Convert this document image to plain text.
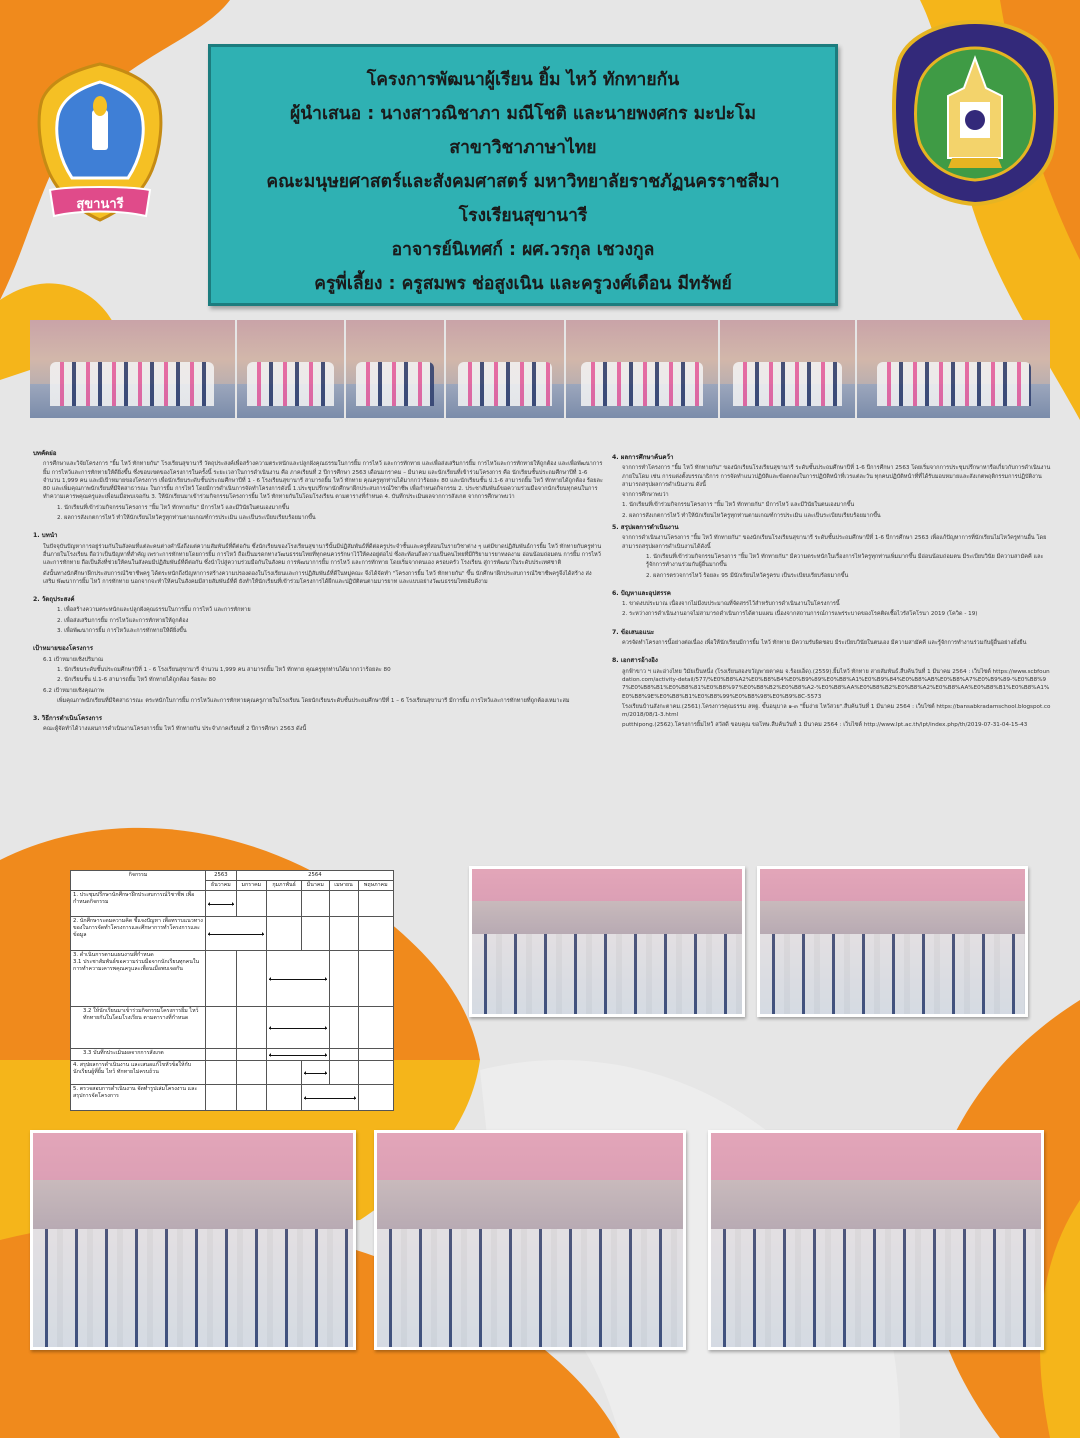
สุขานารี
โครงการพัฒนาผู้เรียน ยิ้ม ไหว้ ทักทายกัน
ผู้นำเสนอ : นางสาวณิชาภา มณีโชติ และนายพงศกร มะปะโม
สาขาวิชาภาษาไทย
คณะมนุษยศาสตร์และสังคมศาสตร์ มหาวิทยาลัยราชภัฏนครราชสีมา
โรงเรียนสุขานารี
อาจารย์นิเทศก์ : ผศ.วรกุล เชวงกูล
ครูพี่เลี้ยง : ครูสมพร ช่อสูงเนิน และครูวงศ์เดือน มีทรัพย์
บทคัดย่อ

การศึกษาและวิจัยโครงการ "ยิ้ม ไหว้ ทักทายกัน" โรงเรียนสุขานารี วัตถุประสงค์เพื่อสร้างความตระหนักและปลูกฝังคุณธรรมในการยิ้ม การไหว้ และการทักทาย และเพื่อส่งเสริมการยิ้ม การไหว้และการทักทายให้ถูกต้อง และเพื่อพัฒนาการยิ้ม การไหว้และการทักทายให้ดียิ่งขึ้น ซึ่งขอบเขตของโครงการในครั้งนี้ ระยะเวลาในการดำเนินงาน คือ ภาคเรียนที่ 2 ปีการศึกษา 2563 เดือนมกราคม – มีนาคม และนักเรียนที่เข้าร่วมโครงการ คือ นักเรียนชั้นประถมศึกษาปีที่ 1-6 จำนวน 1,999 คน และมีเป้าหมายของโครงการ เพื่อนักเรียนระดับชั้นประถมศึกษาปีที่ 1 - 6 โรงเรียนสุขานารี สามารถยิ้ม ไหว้ ทักทาย คุณครูทุกท่านได้มากกว่าร้อยละ 80 และนักเรียนชั้น ป.1-6 สามารถยิ้ม ไหว้ ทักทายได้ถูกต้อง ร้อยละ 80 และเพิ่มคุณภาพนักเรียนที่มีจิตสาธารณะ ในการยิ้ม การไหว้ โดยมีการดำเนินการจัดทำโครงการดังนี้ 1.ประชุมปรึกษานักศึกษาฝึกประสบการณ์วิชาชีพ เพื่อกำหนดกิจกรรม 2. ประชาสัมพันธ์ขอความร่วมมือจากนักเรียนทุกคนในการทำความเคารพคุณครูและเพื่อนเมื่อพบเจอกัน 3. ให้นักเรียนมาเข้าร่วมกิจกรรมโครงการยิ้ม ไหว้ ทักทายกันในโดมโรงเรียน ตามตารางที่กำหนด 4. บันทึกประเมินผลจากการสังเกต จากการศึกษาพบว่า

1. นักเรียนที่เข้าร่วมกิจกรรมโครงการ "ยิ้ม ไหว้ ทักทายกัน" มีการไหว้ และมีวินัยในตนเองมากขึ้น

2. ผลการสังเกตการไหว้ ทำให้นักเรียนไหว้ครูทุกท่านตามเกณฑ์การประเมิน และเป็นระเบียบเรียบร้อยมากขึ้น

1. บทนำ

ในปัจจุบันปัญหาการอยู่ร่วมกันในสังคมที่แต่ละคนต่างคำนึงถึงแต่ความสัมพันธ์ที่ดีต่อกัน ซึ่งนักเรียนของโรงเรียนสุขานารีนั้นมีปฏิสัมพันธ์ที่ดีต่อครูประจำชั้นและครูที่สอนในรายวิชาต่าง ๆ แต่มีขาดปฏิสัมพันธ์การยิ้ม ไหว้ ทักทายกับครูท่านอื่นภายในโรงเรียน ถือว่าเป็นปัญหาที่สำคัญ เพราะการทักทายโดยการยิ้ม การไหว้ ถือเป็นมรดกทางวัฒนธรรมไทยที่ทุกคนควรรักษาไว้ให้คงอยู่ต่อไป ซึ่งสะท้อนถึงความเป็นคนไทยที่มีกิริยามารยาทงดงาม อ่อนน้อมถ่อมตน การยิ้ม การไหว้ และการทักทาย ถือเป็นสิ่งที่ช่วยให้คนในสังคมมีปฏิสัมพันธ์ที่ดีต่อกัน ซึ่งนำไปสู่ความร่วมมือกันในสังคม การพัฒนาการยิ้ม การไหว้ และการทักทาย โดยเริ่มจากตนเอง ครอบครัว โรงเรียน สู่การพัฒนาในระดับประเทศชาติ

ดังนั้นทางนักศึกษาฝึกประสบการณ์วิชาชีพครู ได้ตระหนักถึงปัญหาการสร้างความปรองดองในโรงเรียนและการปฏิสัมพันธ์ที่ดีในหมู่คณะ จึงได้จัดทำ "โครงการยิ้ม ไหว้ ทักทายกัน" ขึ้น นักศึกษาฝึกประสบการณ์วิชาชีพครูจึงได้สร้าง ส่งเสริม พัฒนาการยิ้ม ไหว้ การทักทาย นอกจากจะทำให้คนในสังคมมีสายสัมพันธ์ที่ดี ยังทำให้นักเรียนที่เข้าร่วมโครงการได้ฝึกและปฏิบัติตนตามมารยาท และแบบอย่างวัฒนธรรมไทยอันดีงาม

2. วัตถุประสงค์

1. เพื่อสร้างความตระหนักและปลูกฝังคุณธรรมในการยิ้ม การไหว้ และการทักทาย

2. เพื่อส่งเสริมการยิ้ม การไหว้และการทักทายให้ถูกต้อง

3. เพื่อพัฒนาการยิ้ม การไหว้และการทักทายให้ดียิ่งขึ้น

เป้าหมายของโครงการ

6.1 เป้าหมายเชิงปริมาณ

1. นักเรียนระดับชั้นประถมศึกษาปีที่ 1 - 6 โรงเรียนสุขานารี จำนวน 1,999 คน สามารถยิ้ม ไหว้ ทักทาย คุณครูทุกท่านได้มากกว่าร้อยละ 80

2. นักเรียนชั้น ป.1-6 สามารถยิ้ม ไหว้ ทักทายได้ถูกต้อง ร้อยละ 80

6.2 เป้าหมายเชิงคุณภาพ

เพิ่มคุณภาพนักเรียนที่มีจิตสาธารณะ ตระหนักในการยิ้ม การไหว้และการทักทายคุณครูภายในโรงเรียน โดยนักเรียนระดับชั้นประถมศึกษาปีที่ 1 – 6 โรงเรียนสุขานารี มีการยิ้ม การไหว้และการทักทายที่ถูกต้องเหมาะสม

3. วิธีการดำเนินโครงการ

คณะผู้จัดทำได้วางแผนการดำเนินงานโครงการยิ้ม ไหว้ ทักทายกัน ประจำภาคเรียนที่ 2 ปีการศึกษา 2563 ดังนี้

กิจกรรม	2563	2564				
	ธันวาคม	มกราคม	กุมภาพันธ์	มีนาคม	เมษายน	พฤษภาคม
1. ประชุมปรึกษานักศึกษาฝึกประสบการณ์วิชาชีพ เพื่อกำหนดกิจกรรม	

2. นักศึกษาระดมความคิด ชี้แจงปัญหา เพื่อทราบแนวทางของในการจัดทำโครงการและศึกษาการทำโครงการและข้อมูล		

3. ดำเนินการตามแผนงานที่กำหนด
3.1 ประชาสัมพันธ์ขอความร่วมมือจากนักเรียนทุกคนในการทำความเคารพคุณครูและเพื่อนเมื่อพบเจอกัน				

3.2 ให้นักเรียนมาเข้าร่วมกิจกรรมโครงการยิ้ม ไหว้ ทักทายกันในโดมโรงเรียน ตามตารางที่กำหนด				

3.3 บันทึกประเมินผลจากการสังเกต				

4. สรุปผลการดำเนินงาน และเสนอแก้ไขหัวข้อให้กับนักเรียนผู้ที่ยิ้ม ไหว้ ทักทายไม่ครบถ้วน				

5. ตรวจสอบการดำเนินงาน จัดทำรูปเล่มโครงงาน และสรุปการจัดโครงการ					

4. ผลการศึกษาค้นคว้า

จากการทำโครงการ "ยิ้ม ไหว้ ทักทายกัน" ของนักเรียนโรงเรียนสุขานารี ระดับชั้นประถมศึกษาปีที่ 1-6 ปีการศึกษา 2563 โดยเริ่มจากการประชุมปรึกษาหารือเกี่ยวกับการดำเนินงานภายในโดม เช่น การแต่งตั้งบรรณาธิการ การจัดทำแนวปฏิบัติและข้อตกลงในการปฏิบัติหน้าที่เวรแต่ละวัน ทุกคนปฏิบัติหน้าที่ที่ได้รับมอบหมายและสังเกตพฤติกรรมการปฏิบัติงาน สามารถสรุปผลการดำเนินงาน ดังนี้

จากการศึกษาพบว่า

1. นักเรียนที่เข้าร่วมกิจกรรมโครงการ "ยิ้ม ไหว้ ทักทายกัน" มีการไหว้ และมีวินัยในตนเองมากขึ้น

2. ผลการสังเกตการไหว้ ทำให้นักเรียนไหว้ครูทุกท่านตามเกณฑ์การประเมิน และเป็นระเบียบเรียบร้อยมากขึ้น

5. สรุปผลการดำเนินงาน

จากการดำเนินงานโครงการ "ยิ้ม ไหว้ ทักทายกัน" ของนักเรียนโรงเรียนสุขานารี ระดับชั้นประถมศึกษาปีที่ 1-6 ปีการศึกษา 2563 เพื่อแก้ปัญหาการที่นักเรียนไม่ไหว้ครูท่านอื่น โดยสามารถสรุปผลการดำเนินงานได้ดังนี้

1. นักเรียนที่เข้าร่วมกิจกรรมโครงการ "ยิ้ม ไหว้ ทักทายกัน" มีความตระหนักในเรื่องการไหว้ครูทุกท่านเพิ่มมากขึ้น มีอ่อนน้อมถ่อมตน มีระเบียบวินัย มีความสามัคคี และรู้จักการทำงานร่วมกับผู้อื่นมากขึ้น

2. ผลการตรวจการไหว้ ร้อยละ 95 มีนักเรียนไหว้ครูครบ เป็นระเบียบเรียบร้อยมากขึ้น

6. ปัญหาและอุปสรรค

1. ขาดงบประมาณ เนื่องจากไม่มีงบประมาณที่จัดสรรไว้สำหรับการดำเนินงานในโครงการนี้

2. ระหว่างการดำเนินงานอาจไม่สามารถดำเนินการได้ตามแผน เนื่องจากสถานการณ์การแพร่ระบาดของโรคติดเชื้อไวรัสโคโรนา 2019 (โควิด - 19)

7. ข้อเสนอแนะ

ควรจัดทำโครงการนี้อย่างต่อเนื่อง เพื่อให้นักเรียนมีการยิ้ม ไหว้ ทักทาย มีความรับผิดชอบ มีระเบียบวินัยในตนเอง มีความสามัคคี และรู้จักการทำงานร่วมกับผู้อื่นอย่างยั่งยืน

8. เอกสารอ้างอิง

ลูกฟ้าขาว ฯ และอ่างไทย วิมัยเป็นหนึ่ง (โรงเรียนสองขวัญพายตาคม จ.ร้อยเอ็ด).(2559).ยิ้มไหว้ ทักทาย สายสัมพันธ์.สืบค้นวันที่ 1 มีนาคม 2564 : เว็บไซต์ https://www.scbfoundation.com/activity-detail/577/%E0%B8%A2%E0%B8%B4%E0%B9%89%E0%B8%A1%E0%B9%84%E0%B8%AB%E0%B8%A7%E0%B9%89-%E0%B8%97%E0%B8%B1%E0%B8%81%E0%B8%97%E0%B8%B2%E0%B8%A2-%E0%B8%AA%E0%B8%B2%E0%B8%A2%E0%B8%AA%E0%B8%B1%E0%B8%A1%E0%B8%9E%E0%B8%B1%E0%B8%99%E0%B8%98%E0%B9%8C-5573

โรงเรียนบ้านสังกะตาคม.(2561).โครงการคุณธรรม ลหฐ. ขั้นอนุบาล ๑-๓ "ยิ้มง่าย ไหว้สวย".สืบค้นวันที่ 1 มีนาคม 2564 : เว็บไซต์ https://bansabkradamschool.blogspot.com/2018/08/1-3.html

putthipong.(2562).โครงการยิ้มไหว้ สวัสดี ขอบคุณ ขอโทษ.สืบค้นวันที่ 1 มีนาคม 2564 : เว็บไซต์ http://www.lpt.ac.th/lpt/index.php/th/2019-07-31-04-15-43
